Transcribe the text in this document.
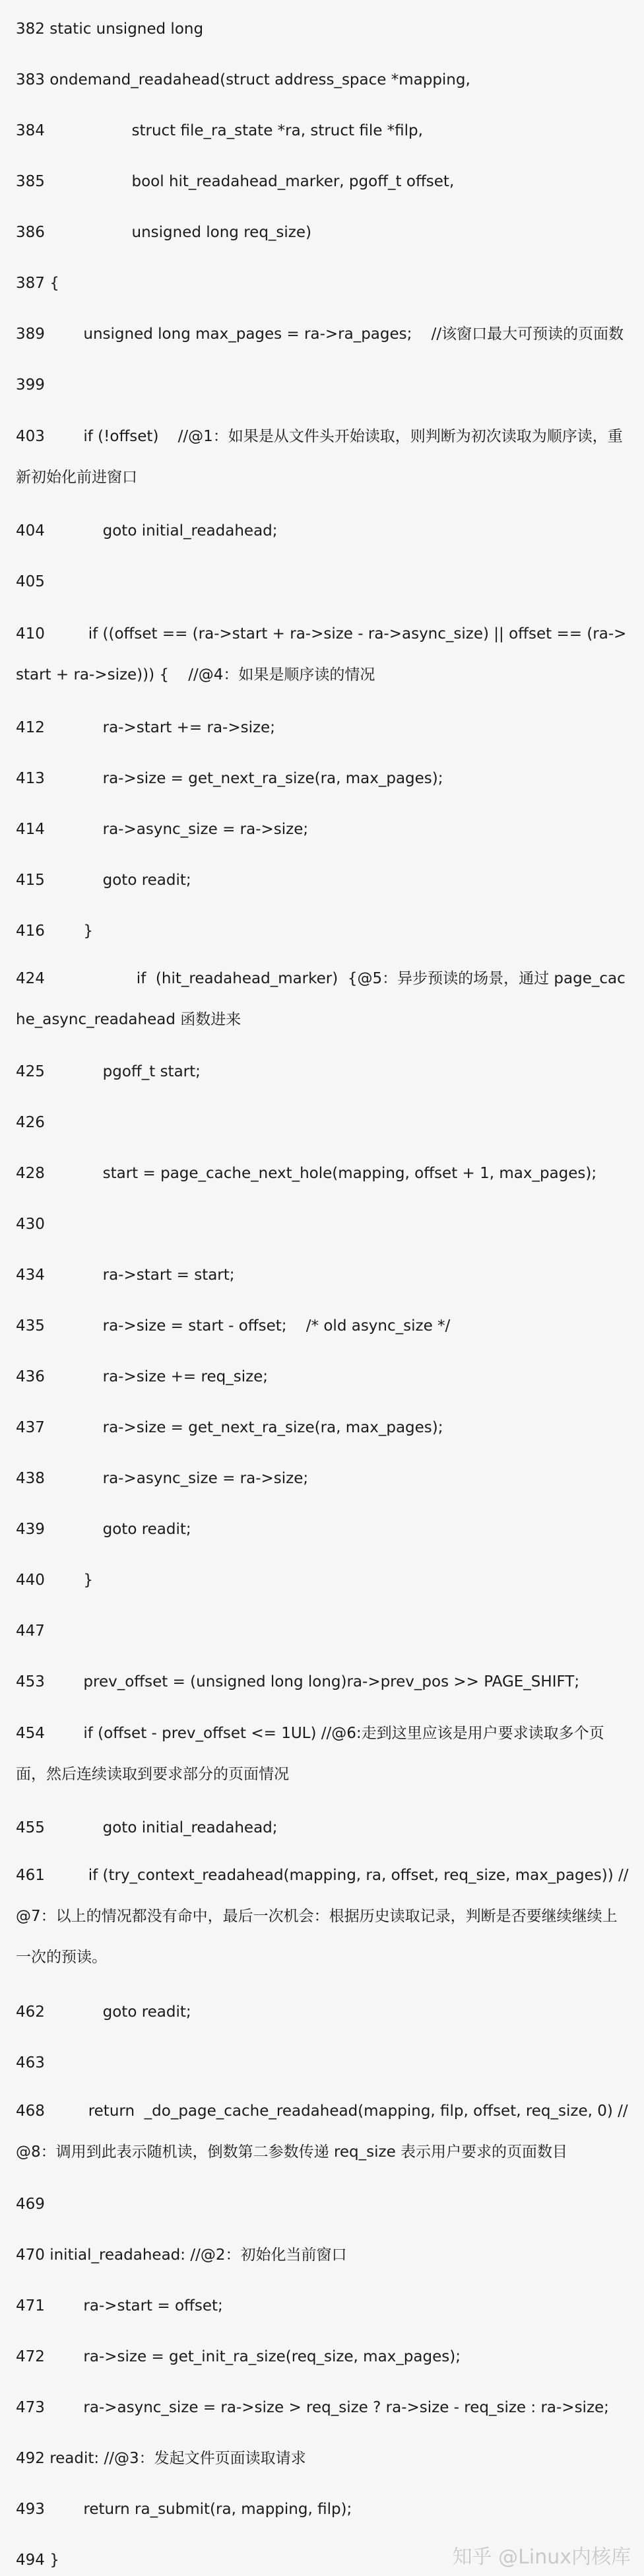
382 static unsigned long
383 ondemand_readahead(struct address_space *mapping,
384                  struct file_ra_state *ra, struct file *filp,
385                  bool hit_readahead_marker, pgoff_t offset,
386                  unsigned long req_size)
387 {
389        unsigned long max_pages = ra->ra_pages;    //该窗口最大可预读的页面数
399
403        if (!offset)    //@1：如果是从文件头开始读取，则判断为初次读取为顺序读，重新初始化前进窗口
404            goto initial_readahead;
405
410         if ((offset == (ra->start + ra->size - ra->async_size) || offset == (ra->start + ra->size))) {    //@4：如果是顺序读的情况
412            ra->start += ra->size;
413            ra->size = get_next_ra_size(ra, max_pages);
414            ra->async_size = ra->size;
415            goto readit;
416        }
424                   if  (hit_readahead_marker)  {@5：异步预读的场景，通过 page_cache_async_readahead 函数进来
425            pgoff_t start;
426
428            start = page_cache_next_hole(mapping, offset + 1, max_pages);
430
434            ra->start = start;
435            ra->size = start - offset;    /* old async_size */
436            ra->size += req_size;
437            ra->size = get_next_ra_size(ra, max_pages);
438            ra->async_size = ra->size;
439            goto readit;
440        }
447
453        prev_offset = (unsigned long long)ra->prev_pos >> PAGE_SHIFT;
454        if (offset - prev_offset <= 1UL) //@6:走到这里应该是用户要求读取多个页面，然后连续读取到要求部分的页面情况
455            goto initial_readahead;
461         if (try_context_readahead(mapping, ra, offset, req_size, max_pages)) //@7：以上的情况都没有命中，最后一次机会：根据历史读取记录，判断是否要继续继续上一次的预读。
462            goto readit;
463
468         return  _do_page_cache_readahead(mapping, filp, offset, req_size, 0) //@8：调用到此表示随机读，倒数第二参数传递 req_size 表示用户要求的页面数目
469
470 initial_readahead: //@2：初始化当前窗口
471        ra->start = offset;
472        ra->size = get_init_ra_size(req_size, max_pages);
473        ra->async_size = ra->size > req_size ? ra->size - req_size : ra->size;
492 readit: //@3：发起文件页面读取请求
493        return ra_submit(ra, mapping, filp);
494 }	知乎 @Linux内核库
